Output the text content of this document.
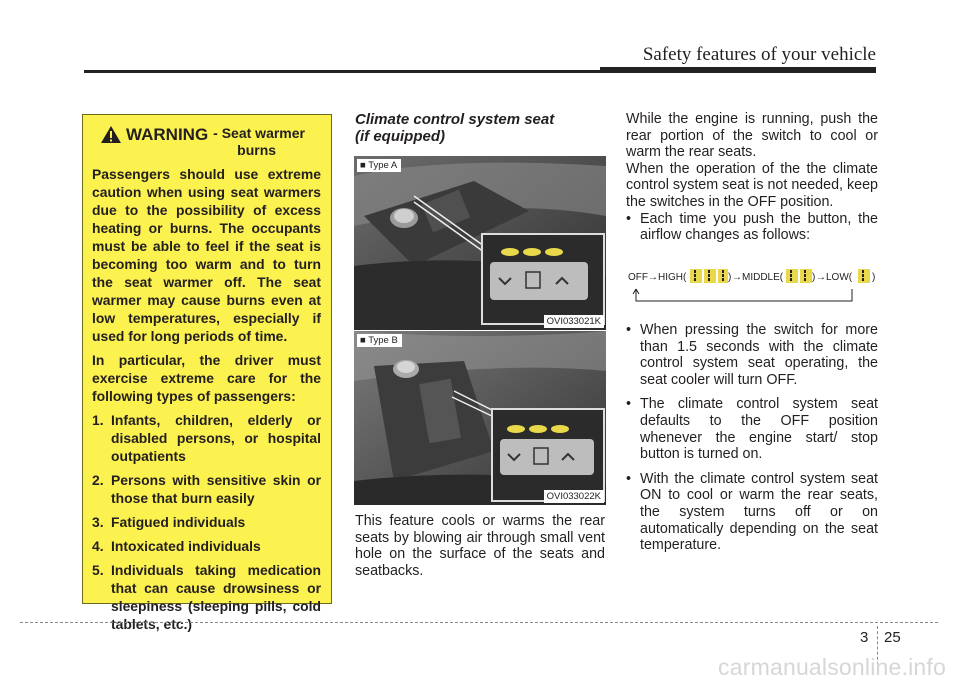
Safety features of your vehicle
WARNING - Seat warmer
burns

Passengers should use extreme caution when using seat warmers due to the possibility of excess heating or burns. The occupants must be able to feel if the seat is becoming too warm and to turn the seat warmer off. The seat warmer may cause burns even at low temperatures, especially if used for long periods of time.

In particular, the driver must exercise extreme care for the following types of passengers:

1. Infants, children, elderly or disabled persons, or hospital outpatients
2. Persons with sensitive skin or those that burn easily
3. Fatigued individuals
4. Intoxicated individuals
5. Individuals taking medication that can cause drowsiness or sleepiness (sleeping pills, cold tablets, etc.)
Climate control system seat
(if equipped)
■ Type A
OVI033021K
■ Type B
OVI033022K
This feature cools or warms the rear seats by blowing air through small vent hole on the surface of the seats and seatbacks.

While the engine is running, push the rear portion of the switch to cool or warm the rear seats.

When the operation of the the climate control system seat is not needed, keep the switches in the OFF position.

• Each time you push the button, the airflow changes as follows:
OFF → HIGH(	) → MIDDLE(	) → LOW( )
• When pressing the switch for more than 1.5 seconds with the climate control system seat operating, the seat cooler will turn OFF.
• The climate control system seat defaults to the OFF position whenever the engine start/ stop button is turned on.
• With the climate control system seat ON to cool or warm the rear seats, the system turns off or on automatically depending on the seat temperature.
3 25
carmanualsonline.info
